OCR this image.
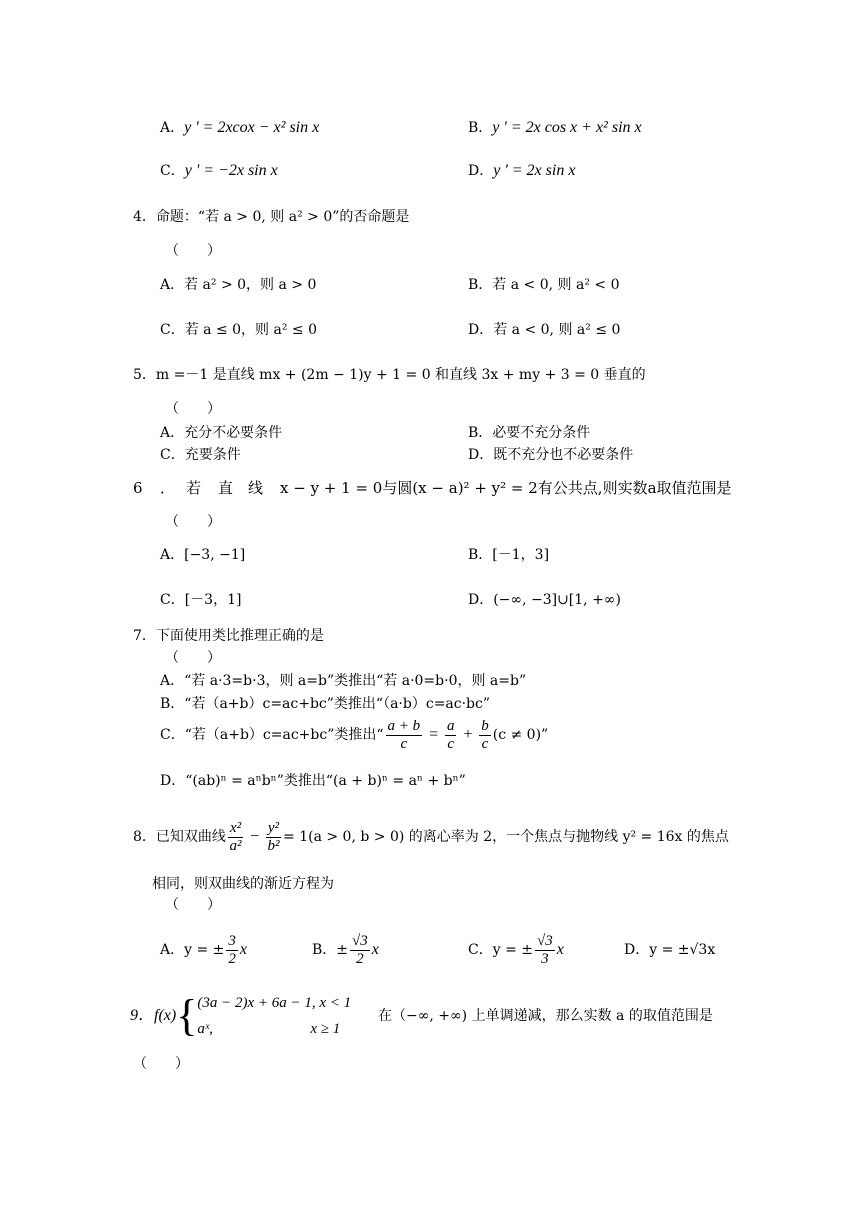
A．y ' = 2xcox − x² sin x	B．y ' = 2x cos x + x² sin x
C．y ' = −2x sin x	D．y ' = 2x sin x
4．命题：“若 a > 0, 则 a² > 0”的否命题是
（　　）
A．若 a² > 0，则 a > 0	B．若 a < 0, 则 a² < 0
C．若 a ≤ 0，则 a² ≤ 0	D．若 a < 0, 则 a² ≤ 0
5．m =－1 是直线 mx + (2m − 1)y + 1 = 0 和直线 3x + my + 3 = 0 垂直的
（　　）
A．充分不必要条件	B．必要不充分条件
C．充要条件	D．既不充分也不必要条件
6 ． 若 直 线 x − y + 1 = 0与圆(x − a)² + y² = 2有公共点,则实数a取值范围是
（　　）
A．[−3, −1]	B．[－1，3]
C．[－3，1]	D．(−∞, −3]∪[1, +∞)
7．下面使用类比推理正确的是
（　　）
A．“若 a·3=b·3，则 a=b”类推出“若 a·0=b·0，则 a=b”
B．“若（a+b）c=ac+bc”类推出“（a·b）c=ac·bc”
C．“若（a+b）c=ac+bc”类推出“ $\frac{a + b}{c} = \frac{a}{c} + \frac{b}{c} (c \ne 0)$”
D．“(ab)ⁿ = aⁿbⁿ”类推出“(a + b)ⁿ = aⁿ + bⁿ”
8．已知双曲线 $\frac{\text{x²}}{\text{a²}} - \frac{\text{y²}}{\text{b²}} = 1(a > 0$, b > 0) 的离心率为 2，一个焦点与抛物线 y² = 16x 的焦点
相同，则双曲线的渐近方程为
（　　）
A．y = ± $\frac{3}{2}$ x	B．± $\frac{√3}{2}$ x	C．y = ± $\frac{√3}{3}$ x	D．y = ±√3x
9．f(x){ (3a − 2)x + 6a − 1, x < 1
aˣ,                          x ≥ 1
在（−∞, +∞) 上单调递减，那么实数 a 的取值范围是
（　　）
